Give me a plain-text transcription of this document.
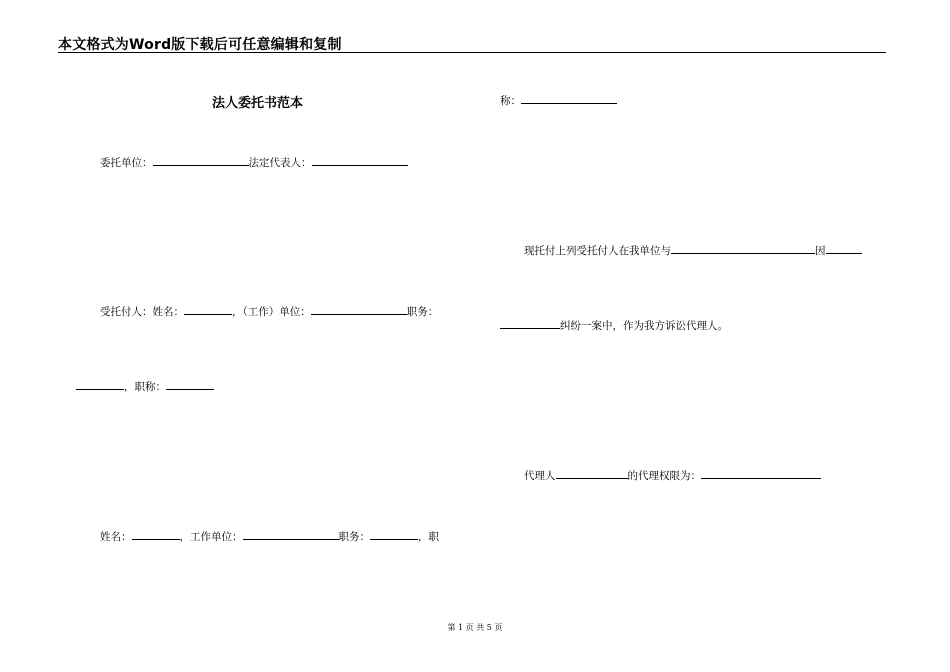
本文格式为Word版下载后可任意编辑和复制
法人委托书范本
委托单位：	法定代表人：
受托付人：姓名：	，（工作）单位：	职务：
，职称：
姓名：	，工作单位：	职务：	，职
称：
现托付上列受托付人在我单位与	因
纠纷一案中，作为我方诉讼代理人。
代理人	的代理权限为：
第 1 页 共 5 页
